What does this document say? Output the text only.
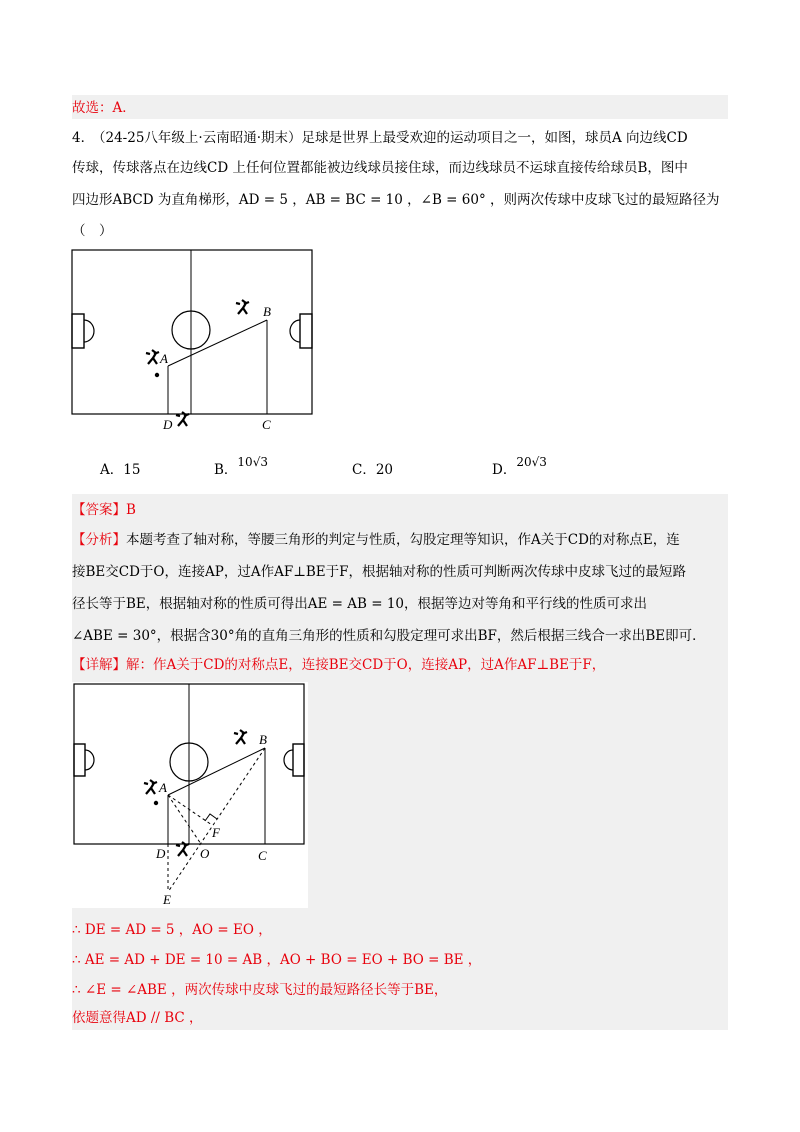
故选：A．
4．
（24-25八年级上·云南昭通·期末）足球是世界上最受欢迎的运动项目之一，如图，球员A 向边线CD
传球，传球落点在边线CD 上任何位置都能被边线球员接住球，而边线球员不运球直接传给球员B，图中
四边形ABCD 为直角梯形，AD = 5 ，AB = BC = 10 ，∠B = 60° ，则两次传球中皮球飞过的最短路径为
（　）
A
B
C
D
A．15	B．10√3	C．20	D．20√3
【答案】B
【分析】本题考查了轴对称，等腰三角形的判定与性质，勾股定理等知识，作A关于CD的对称点E，连
接BE交CD于O，连接AP，过A作AF⊥BE于F，根据轴对称的性质可判断两次传球中皮球飞过的最短路
径长等于BE，根据轴对称的性质可得出AE = AB = 10，根据等边对等角和平行线的性质可求出
∠ABE = 30°，根据含30°角的直角三角形的性质和勾股定理可求出BF，然后根据三线合一求出BE即可．
【详解】解：作A关于CD的对称点E，连接BE交CD于O，连接AP，过A作AF⊥BE于F，
A
B
C
D
E
F
O
∴ DE = AD = 5 ，AO = EO ，
∴ AE = AD + DE = 10 = AB ，AO + BO = EO + BO = BE ，
∴ ∠E = ∠ABE ，两次传球中皮球飞过的最短路径长等于BE，
依题意得AD // BC ，
